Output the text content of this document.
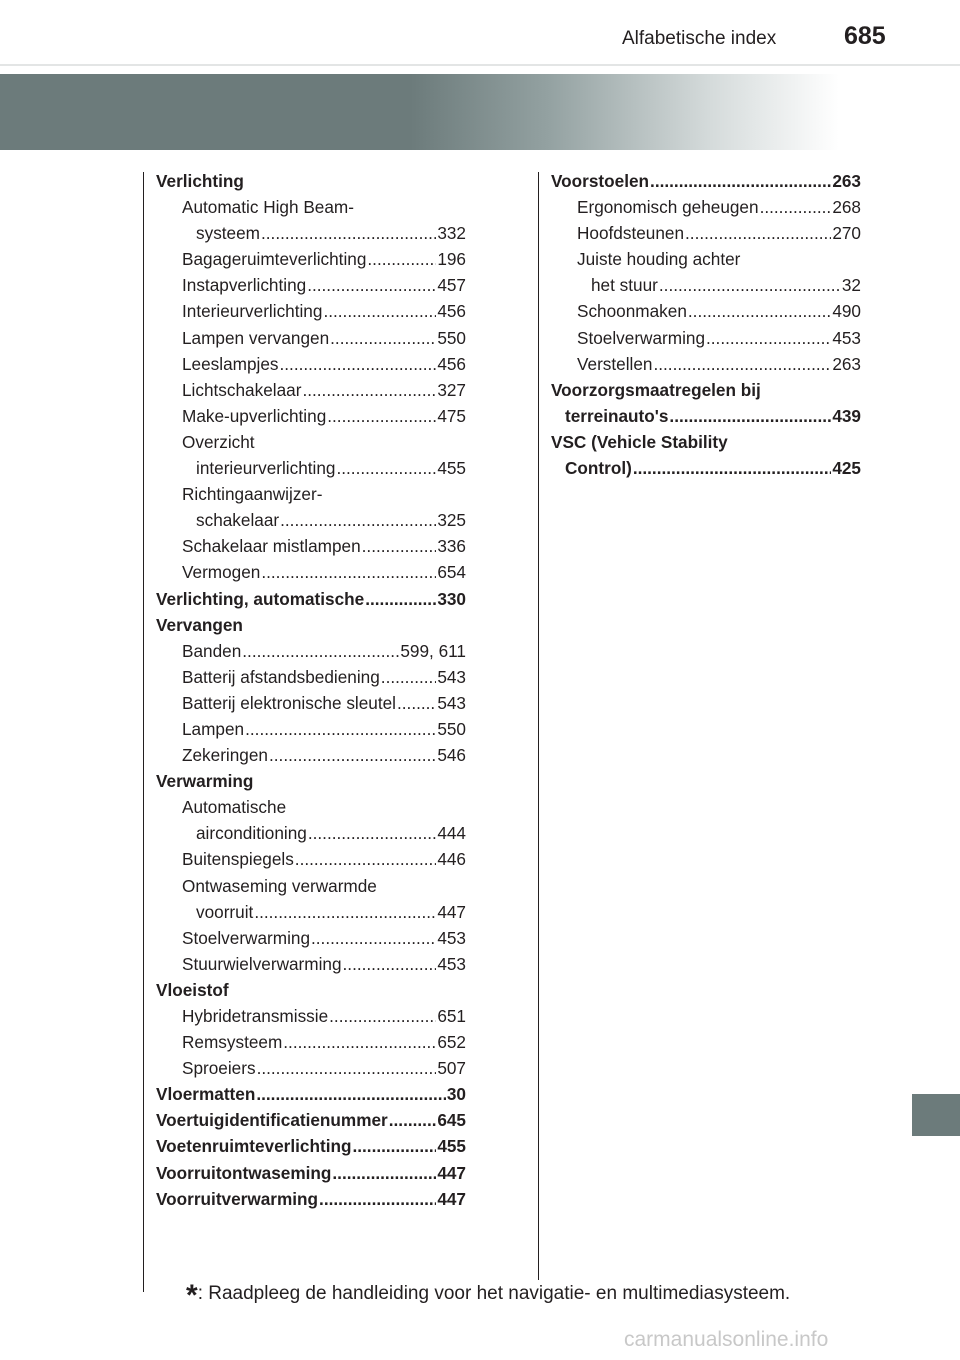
Alfabetische index	685
Verlichting
Automatic High Beam-
systeem .....	332
Bagageruimteverlichting .....	196
Instapverlichting .....	457
Interieurverlichting .....	456
Lampen vervangen .....	550
Leeslampjes .....	456
Lichtschakelaar .....	327
Make-upverlichting .....	475
Overzicht
interieurverlichting .....	455
Richtingaanwijzer-
schakelaar .....	325
Schakelaar mistlampen .....	336
Vermogen .....	654
Verlichting, automatische .....	330
Vervangen
Banden .....	599, 611
Batterij afstandsbediening .....	543
Batterij elektronische sleutel ..... 543
Lampen .....	550
Zekeringen .....	546
Verwarming
Automatische
airconditioning .....	444
Buitenspiegels .....	446
Ontwaseming verwarmde
voorruit .....	447
Stoelverwarming .....	453
Stuurwielverwarming .....	453
Vloeistof
Hybridetransmissie .....	651
Remsysteem .....	652
Sproeiers .....	507
Vloermatten .....	30
Voertuigidentificatienummer .....	645
Voetenruimteverlichting .....	455
Voorruitontwaseming .....	447
Voorruitverwarming .....	447
Voorstoelen .....	263
Ergonomisch geheugen .....	268
Hoofdsteunen .....	270
Juiste houding achter
het stuur .....	32
Schoonmaken .....	490
Stoelverwarming .....	453
Verstellen .....	263
Voorzorgsmaatregelen bij
terreinauto's .....	439
VSC (Vehicle Stability
Control) .....	425
*: Raadpleeg de handleiding voor het navigatie- en multimediasysteem.
carmanualsonline.info
